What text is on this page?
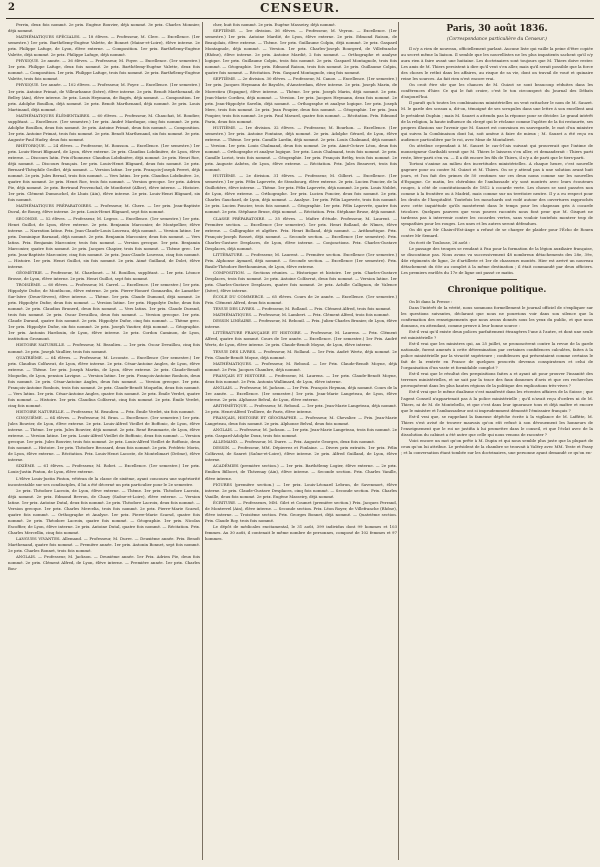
2	CENSEUR.

Perrin, deux fois nommé. 2e prix. Eugène Bouvier, déjà nommé. 3e prix. Charles Monnier, déjà nommé.

MATHÉMATIQUES SPÉCIALES. — 18 élèves. — Professeur, M. Clerc. — Excellence. (1er semestre.) 1er prix. Barthélemy-Eugène Valette, de Bonnet (Maine-et-Loire), élève interne. 2e prix. Philippe Lafuge, de Lyon, élève externe. — Composition. 1er prix. Barthélemy-Eugène Valette, déjà nommé. 2e prix. Philippe Lafuge, déjà nommé.

PHYSIQUE. 2e année. — 36 élèves. — Professeur, M. Foyer. — Excellence. (1er semestre.) 1er prix. Philippe Lafuge, deux fois nommé. 2e prix. Barthélemy-Eugène Valette, deux fois nommé. — Composition. 1er prix. Philippe Lafuge, trois fois nommé. 2e prix. Barthélemy-Eugène Valette, trois fois nommé.

PHYSIQUE. 1re année. — 102 élèves. — Professeur, M. Foyer. — Excellence. (1er semestre.) 1er prix. Antoine Primat, de Villeurbanne (Isère), élève interne. 2e prix. Benoît Marthenand, de Belley (Ain), élève interne. 3e prix. Louis Heymann, de Bagés, déjà nommé. — Composition. 1er prix. Adolphe Bouillon, déjà nommé. 2e prix. Benoît Marthenand, déjà nommé. 3e prix. Louis Martinand, déjà nommé.

MATHÉMATIQUES ÉLÉMENTAIRES. — 60 élèves. — Professeur, M. Chauchat, M. Boudier, suppléant. — Excellence. (1er semestre.) 1er prix. André Marduque, cinq fois nommé. 2e prix. Adolphe Bouillon, deux fois nommé. 3e prix. Antoine Primat, deux fois nommé. — Composition. 1er prix. Antoine Primat, trois fois nommé. 2e prix. Benoît Marthenand, six fois nommé. 3e prix. Auguste-Paul Hudry, deux fois nommé.

RHÉTORIQUE. — 24 élèves. — Professeur, M. Bousson. — Excellence. (1er semestre.) 1er prix. Louis-Henri Blignard, de Lyon, élève externe. 2e prix. Claudius Lobdinière, de Lyon, élève externe. — Discours latin. Prix d'honneur. Claudius Lobdinière, déjà nommé. 2e prix. Henri Roe, déjà nommé. — Discours français. 1er prix. Louis-Henri Blignard, deux fois nommé. 2e prix. Bernard-Théophile Grollet, déjà nommé. — Version latine. 1er prix. François-Joseph Perret, déjà nommé. 2e prix. Jules Bernal, trois fois nommé. — Vers latins. 1er prix. Claudius Lobdinière. 2e, quatre fois nommé. 2e prix. Henri Roe, trois fois nommé. — Version grecque. 1er prix. Adrien Pie, déjà nommé. 2e prix. Bertrand Provenchal, de Montbrisé (Allier), élève interne. — Histoire. 1er prix. Clément Dumouchel, de Lhuis (Ain), élève interne. 2e prix. Louis-Henri Blignard, six fois nommé.

MATHÉMATIQUES PRÉPARATOIRES. — Professeur, M. Chere. — 1er prix. Jean-Baptiste Duval, de Bourg, élève interne. 2e prix. Louis-Henri Blignard, sept fois nommé.

SECONDE. — 52 élèves. — Professeur, M. Legros. — Excellence. (1er semestre.) 1er prix. Henri Guillot, de Lyon, élève externe. 2e prix. Benjamin Marconier, de Montpellier, élève interne. — Narration latine. Prix. Jean-Claude-Louis Louveau, déjà nommé. — Version latine. 1er prix. Dominique Barnaud, déjà nommé. 2e prix. Benjamin Marconier, deux fois nommé. — Vers latins. Prix. Benjamin Marconier, trois fois nommé. — Version grecque. 1er prix. Benjamin Marconier, quatre fois nommé. 2e prix. Jacques Chapier, trois fois nommé. — Thème grec. 1er prix. Jean-Baptiste Marconier, cinq fois nommé. 2e prix. Jean-Claude Louveau, cinq fois nommé. — Histoire. 1er prix. Henri Guillot, six fois nommé. 2e prix. Aimé Guilland, de Dolet, élève interne.

GÉOMÉTRIE. — Professeur, M. Chardonet. — M. Bouillon, suppléant. — 1er prix. Léonce Brosse, de Lyon, élève interne. 2e prix. Henri Guillot, sept fois nommé.

TROISIÈME. — 60 élèves. — Professeur, M. Carrel. — Excellence. (1er semestre.) 1er prix. Hippolyte Dufor, de Montlucon, élève externe. 2e prix. Pierre-Honoré Gonnardin, de Lamothe-Sur-Isère (Deux-Sèvres), élève interne. — Thème. 1er prix. Claude Dumond, déjà nommé. 2e prix. Hippolyte Dufor, deux fois nommé. — Version latine. 1er prix. Hippolyte Dufor, deux fois nommé. 2e prix. Claudius Brunerd, deux fois nommé. — Vers latins. 1er prix. Claude Durand, trois fois nommé. 2e prix. Oscar Devaillou, deux fois nommé. — Version grecque. 1er prix. Claude Durand, quatre fois nommé. 2e prix. Hippolyte Dufor, cinq fois nommé. — Thème grec. 1er prix. Hippolyte Dufor, six fois nommé. 2e prix. Joseph Vautier, déjà nommé. — Géographie. 1er prix. Antonin Hardouin, de Lyon, élève interne. 2e prix. Cordon Caminon, de Lyon, institution Grosmont.

HISTOIRE NATURELLE. — Professeur, M. Beaulieu. — 1er prix. Oscar Devaillou, cinq fois nommé. 2e prix. Joseph Vaullier, trois fois nommé.

QUATRIÈME. — 64 élèves. — Professeur, M. Lecomte. — Excellence (1er semestre.) 1er prix. Claudius Colfavrat, de Lyon, élève interne. 2e prix. César-Antoine Angles, de Lyon, élève externe. — Thème. 1er prix. Joseph Martin, de Lyon, élève externe. 2e prix. Claude-Benoît Moquelin, de Lyon, pension Lavigne. — Version latine. 1er prix. François-Antoine Ronbois, deux fois nommé. 2e prix. César-Antoine Angles, deux fois nommé. — Version grecque. 1er prix. François-Antoine Ronbois, trois fois nommé. 2e prix. Claude-Benoît Moquelin, deux fois nommé. — Vers latins. 1er prix. César-Antoine Angles, quatre fois nommé. 2e prix. Émile Verdet, quatre fois nommé. — Histoire. 1er prix. Claudius Colfavrat, cinq fois nommé. 2e prix. Émile Verdet, cinq fois nommé.

HISTOIRE NATURELLE. — Professeur, M. Beaulieu. — Prix. Émile Verdet, six fois nommé.

CINQUIÈME. — 64 élèves. — Professeur, M. Brun. — Excellence. (1er semestre.) 1er prix. Jules Bouvier, de Lyon, élève externe. 2e prix. Louis-Alfred Vieillet de Boffonic, de Lyon, élève interne. — Thème. 1er prix. Jules Bouvier, déjà nommé. 2e prix. René Brunmarie, de Lyon, élève externe. — Version latine. 1er prix. Louis-Alfred Vieillet de Boffonic, deux fois nommé. — Version grecque. 1er prix. Jules Bouvier, trois fois nommé. 2e prix. Louis-Alfred Vieillet de Boffonic, deux fois nommé. — Histoire. 1er prix. Théodore Brossard, deux fois nommé. 2e prix. Frédéric Morin, de Lyon, élève externe. — Récitation. Prix. Louis-Henri Lacoste, de Montelimart (Drôme), élève interne.

SIXIÈME. — 61 élèves. — Professeur, M. Robet. — Excellence. (1er semestre.) 1er prix. Louis-Justin Pinton, de Lyon, élève externe.

L'élève Louis-Justin Pinton, vétéran de la classe de sixième, ayant concouru une supériorité incontestable sur ses condisciples, il lui a été décerné un prix particulier pour le 2e semestre.

2e prix. Théodore Lacroix, de Lyon, élève externe. — Thème. 1er prix. Théodore Lacroix, déjà nommé. 2e prix. Edmond Bevron, de Chazy (Saône-et-Loire), élève externe. — Version latine. 1er prix. Antoine Dutal, deux fois nommé. 2e prix. Théodore Lacroix, deux fois nommé. — Version grecque. 1er prix. Charles Mercelia, trois fois nommé. 2e prix. Pierre-Marie Scarsd, quatre fois nommé. — Orthographe et Analyse. 1er prix. Pierre-Marie Scarsd, quatre fois nommé. 2e prix. Théodore Lacroix, quatre fois nommé. — Géographie. 1er prix. Nicolas Escoffier, de Lyon, élève interne. 2e prix. Antoine Dutal, quatre fois nommé. — Récitation. Prix. Charles Mercellin, cinq fois nommé.

LANGUES VIVANTES. Allemand. — Professeur, M. Durre. — Deuxième année. Prix. Benoît Marthenand, quatre fois nommé. — Première année. 1er prix. Antonin Bonnet, sept fois nommé. 2e prix. Charles Ronnet, trois fois nommé.

ANGLAIS. — Professeur, M. Jackson. — Deuxième année. 1er Prix. Adrien Pie, deux fois nommé. 2e prix. Clément Alfred, de Lyon, élève interne. — Première année. 1er prix. Charles Bou-

cher, huit fois nommé. 2e prix. Eugène Masseiry, déjà nommé.

SEPTIÈME. — 1re division. 36 élèves. — Professeur, M. Veyron. — Excellence. (1er semestre.) 1er prix. Antoine Mardié, de Lyon, élève externe. 2e prix. Edmond Raison, de Beaujolais, élève externe. — Thème. 1er prix. Guillaume Colpin, déjà nommé. 2e prix. Gaspard Montagnole, déjà nommé. — Version. 1er prix. Charles-Joseph Bourgerd, de Villefranche (Rhône), élève interne. 2e prix. Antoine Mardié, 2 fois nommé. — Orthographe et analyse logique. 1er prix. Guillaume Colpin, trois fois nommé. 2e prix. Gaspard Montagnole, trois fois nommé. — Géographie. 1er prix. Edmond Raison, trois fois nommé. 2e prix. Guillaume Colpin, quatre fois nommé. — Récitation. Prix. Gaspard Montagnole, cinq fois nommé.

SEPTIÈME. — 2e division. 30 élèves. — Professeur, M. Canoe. — Excellence. (1er semestre.) 1er prix. Jacques Heymann de Bayolès, d'Amsterdam, élève interne. 2e prix. Joseph Marin, de Morestieu (Espagne), élève interne. — Thème. 1er prix. Joseph Marin, déjà nommé. 2e prix. Jean-Marie Cordieu, déjà nommé. — Version. 1er prix. Jacques Heymann, deux fois nommé. 2e prix. Jean-Hippolyte Savelin, déjà nommé. — Orthographe et analyse logique. 1er prix. Joseph Merc, trois fois nommé. 2e prix. Jean Poupier, deux fois nommé. — Géographie. 1er prix. Jean Poupier, trois fois nommé. 2e prix. Paul Mavard, quatre fois nommé. — Récitation. Prix. Edmond Parin, deux fois nommé.

HUITIÈME. — 1re division. 32 élèves. — Professeur, M. Bourhon. — Excellence. (1er semestre.) 1er prix. Antoine Fontaine, déjà nommé. 2e prix. Adolphe Gérard, de Lyon, élève externe. — Thème. 1er prix. Camille Lardin, déjà nommé. 2e prix. Louis Chalmand, déjà nommé. — Version. 1er prix. Louis Chalmand, deux fois nommé. 2e prix. Aimé-Octave Léon, deux fois nommé. — Orthographe et analyse logique. 1er prix. Louis Chalmand, trois fois nommé. 2e prix. Camille Loriot, trois fois nommé. — Géographie. 1er prix. François Bréby, trois fois nommé. 2e prix. Auguste Asbéra, de Lyon, élève externe. — Récitation. Prix. Jules Beauvert, trois fois nommé.

HUITIÈME. — 2e division. 31 élèves. — Professeur, M. Gilbert. — Excellence. (1er semestre.) 1er prix. Félix Lapevrée, de Strasbourg, élève externe. 2e prix. Lucien Poncier, de la Guillotière, élève interne. — Thème. 1er prix. Félix Lapevrée, déjà nommé. 2e prix. Louis Noblet, de Lyon, élève externe. — Orthographe. 1er prix. Lucien Poncier, deux fois nommé. 2e prix. Charles Gauchard, de Lyon, déjà nommé. — Analyse. 1er prix. Félix Lapevrée, trois fois nommé. 2e prix. Lucien Poncier, trois fois nommé. — Géographie. 1er prix. Félix Lapevrée, quatre fois nommé. 2e prix. Stéphane Bruse, déjà nommé. — Récitation. Prix. Stéphane Bruse, déjà nommé.

CLASSE PRÉPARATOIRE. — 35 élèves. — Maître d'étude. Professeur, M. Laurent. — Première section. — Excellence (1er semestre). 1er prix. Henri Bolland, de Nîmes, élève externe. — Calligraphie et algèbre. Prix. Henri Bolland, déjà nommé. — Arithmétique. Prix. François-Joseph Rosset, déjà nommé. — Seconde section. — Excellence (1er semestre). Prix. Charles-Gustave Desplaces, de Lyon, élève interne. — Conjonctions. Prix. Charles-Gustave Desplaces, déjà nommé.

LITTÉRATURE. — Professeur, M. Laurent. — Première section. Excellence (1er semestre.) Prix. Alphonse Aymard, déjà nommé. — Seconde section. — Excellence (1er semestre). Prix. Basile-Théodore Berthoumieux, de Lyon, élève externe.

COMPOSITION. — Sections réunies. — Historique et histoire. 1er prix. Charles-Gustave Desplaces, trois fois nommé. 2e prix. Antoine Colfavrat, deux fois nommé. — Version latine. 1er prix. Charles-Gustave Desplaces, quatre fois nommé. 2e prix. Achille Callignon, de Valence (Isère), élève interne.

ÉCOLE DU COMMERCE. — 65 élèves. Cours de 2e année. — Excellence. (1er semestre.) Prix. Clément Alfred, deux fois nommé.

TENUE DES LIVRES. — Professeur, M. Rolland. — Prix. Clément Alfred, trois fois nommé.

MATHÉMATIQUES. — Professeur, M. Lambert. — Prix. Clément Alfred, trois fois nommé.

DESSIN LINÉAIRE. — Professeur, M. Rebouil. — Prix. Julien-Charles Brunier, de Lyon, élève interne.

LITTÉRATURE FRANÇAISE ET HISTOIRE. — Professeur, M. Laurens. — Prix. Clément Alfred, quatre fois nommé. Cours de 1re année. — Excellence. (1er semestre.) 1er Prix. André Wertz, de Lyon, élève interne. 2e prix. Claude-Benoît Moyne, de Lyon, élève interne.

TENUE DES LIVRES. — Professeur, M. Rolland. — 1er Prix. André Wertz, déjà nommé. 2e Prix. Claude-Benoît Moyne, déjà nommé.

MATHÉMATIQUES. — Professeur, M. Rebouil. — 1er Prix. Claude-Benoît Moyne, déjà nommé. 2e Prix. Jacques Chambre, déjà nommé.

FRANÇAIS ET HISTOIRE. — Professeur, M. Laurens. — 1er prix. Claude-Benoît Moyne, deux fois nommé. 2e Prix. Antonin Wallimard, de Lyon, élève interne.

ANGLAIS. — Professeur, M. Jackson. — 1er Prix. François Heyman, déjà nommé. Cours de la 1re année. — Excellence. (1er semestre.) 1er prix. Jean-Marie Langeteau, de Lyon, élève externe. 2e prix. Alphonse Belval, de Lyon, élève externe.

ARITHMÉTIQUE. — Professeur, M. Rebouil. — 1er prix. Jean-Marie Langeteau, déjà nommé. 2e prix. Henri-Alfred Trolliere, de Paris, élève interne.

FRANÇAIS, HISTOIRE ET GÉOGRAPHIE. — Professeur, M. Chevalier. — Prix. Jean-Marie Langeteau, deux fois nommé. 2e prix. Alphonse Belval, deux fois nommé.

ANGLAIS. — Professeur, M. Jackson. — 1er prix. Jean-Marie Langeteau, trois fois nommé. 2e prix. Gaspard-Adolphe Doux, trois fois nommé.

ALLEMAND. — Professeur, M. Durre. — Prix. Auguste Georges, deux fois nommé.

DESSIN. — Professeur, MM. Dépierrez et Fonlaine. — Divers prix extraits. 1er prix. Félix Colfavrat, de Sanret (Saône-et-Loire), élève interne. 2e prix. Alfred Guilland, de Lyon, élève interne.

ACADÉMIES (première section.) — 1er prix. Barthélemy Logier, élève externe. — 2e prix. Emilien Billocet, de Thézenay (Ain), élève interne. — Seconde section. Prix. Charles Vanille, élève interne.

FIGURES (première section.) — 1er prix. Louis-Léonard Lebrun, de Savenmort, élève interne. 2e prix. Claude-Gustave Desplaces, cinq fois nommé. — Seconde section. Prix. Charles Vanille, deux fois nommé. 2e prix. Eugène Masseiry, déjà nommé.

ÉCRITURE. — Professeurs, MM. Gilet et Coumet (première section.) Prix. Jacques Perrand, de Montrevel (Ain), élève interne. — Seconde section. Prix. Léon Royer, de Villefranche (Rhône), élève interne. — Troisième section. Prix. Georges Bonnet, déjà nommé. — Quatrième section. Prix. Claude Roy, trois fois nommé.

Le dépôt de médicales excitamental, le 31 août, 399 individus dont 99 hommes et 103 femmes. Au 30 août, il contenait le même nombre de personnes, composé de 102 femmes et 97 hommes.

Paris, 30 août 1836.
(Correspondance particulière du Censeur.)

Il n'y a rien de nouveau, officiellement parlant. Aucune liste qui vaille la peine d'être copiée au secret même la liaison. Il semble que les nouvellistes ne les plus impatients sachent qu'il n'y aura rien à faire avant une huitaine. Les doctrinaires sont toujours que M. Thiers doive rester. Les amis de M. Thiers persistent à dire qu'il veut s'en aller, mais qu'il serait possible que la force des choses le retînt dans les affaires, au risque de sa vie, dont on travail de voué et quinaire reine les sources. Au fait rien n'est encore vrai.

On croit être sûr que les chances de M. Guizot se sont beaucoup réduites dans les conférences d'hier. Ce qui le fait croire, c'est le ton circonspect du Journal des Débats d'aujourd'hui.

Il paraît qu'à toutes les combinaisons ministérielles on veut rattacher le nom de M. Sauzet. M. le garde des sceaux a, dit-on, témoigné de ses scrupules dans une lettre à son excellent ami le président Duphin ; mais M. Sauzet a attendu pas la réponse pour se décider. Le grand intérêt de la religion, la haute influence du clergé qui le réclame comme l'apôtre de la foi restaurée, ses propres illusions sur l'avenir que M. Sauzet est convaincu en sauvegarde, le mot d'un ministre qui suivra la Combinaison dont lui, soit amène à faire de mieux ; M. Sauzet a été reçu en audience particulière par le roi, avec Mme de Montalivet.

On attribue cependant à M. Sauzet le cas-ô-l'ais suivant qui prouverait que l'intime de monseigneur Garibaldi serait que M. Thiers le laissera s'en aller, et demanderait : Thiers parti reste, lière-parti s'en va. — Il a dit encore les fils de Thiers, il n'y a de parti que le tiers-parti.

Tortoni s'anime au milieu des incertitudes ministérielles. A chaque heure, c'est nouvelle gageure pour ou contre M. Guizot et M. Thiers. On se y attend pas à une solution avant huit jours, et l'on fait des primes de 50 centimes sur ces deux noms comme sur les nouvelles d'Espagne. Ce matin, les chérubins de l'ambassade n'y sont montrés avec leurs écouteurs rouges, à côté de constitutionnels de 1812 à cocarde verte. Les choses se sont passées non comme à la frontière ou à Madrid, mais comme sur un territoire neutre. Il y a eu respect pour les droits de l'hospitalité. Toutefois les mouchards ont rodé autour des ouvertures rapprochés avec cette inquiétude qu'ils montrèrent dans le temps pour les chapeaux gris à cocarde tricolore. Quelques pauvres que vous pouvez racontés nous font peur que M. Gisquet ne tarderas pas à intervenir contre les cocardes vertes, sans vouloir toutefois montrer trop de sympathies pour les rouges. Les unes et les autres seront défendues.

On dit que Mr Chaix-d'Est-Ange a refusé de se charger de plaider pour l'Écho de Rouen contre Mr Semard.

On écrit de Toulouse, 26 août :

Le passage des troupes se rendant à Pau pour la formation de la légion auxiliaire française, se discontinue pas. Nous avons vu successivement 48 nombreux détachements des 28e, 39e, 46e régiments de ligne, 2e d'artillerie et 1er de chasseurs montés. Hier est arrivé un nouveau détachement du 60e au complet à la même destination ; il était commandé par deux officiers. Les premiers enrôlés du 17e de ligne ont passé ce matin.

Chronique politique.

On lit dans la Presse :

Dans l'intérêt de la vérité, nous sommons formellement le journal officiel de s'expliquer sur les questions suivantes, déclarant que nous ne pourrions voir dans son silence que la confirmation des renseignements que nous avons donnés sous les yeux du public, et que nous donnons, en attendant, comme preuve à leur bonne source :

Est-il vrai qu'il existe deux polices parfaitement étrangères l'une à l'autre, et dont une seule est ministérielle ?

Est-il vrai que les ministres qui, au 25 juillet, se prononcèrent contre la revue de la garde nationale, furent amenés à cette détermination par certaines confidences calculées, faites à la police ministérielle par la vivacité supérieure ; confidences qui présentaient comme certains le fait de la rentrée en France de quelques proscrits devenus conspirateurs et celui de l'organisation d'un vaste et formidable complot ?

Est-il vrai que le résultat des perquisitions faites a et ayant ait pour prouver l'insanité des terreurs ministérielles, et ne sait par la trace des faux donneurs d'avis et que ces recherches provoquèrent dans les plus hautes régions de la politique des explications très-vives ?

Est-il vrai que le même dualisme s'est manifesté dans les récentes affaires de la Suisse ; que l'agent Conseil n'appartenait pas à la police ministérielle ; qu'il n'avait reçu d'ordres ni de M. Thiers, ni de M. de Montebello, et que c'est dans leur ignorance tous et déjà maître et encore que le ministre et l'ambassadeur ont si imprudemment démonté l'émissaire français ?

Est-il vrai que, se rappelant la fameuse dépêche écrite à la vigilance de M. Laffitte, M. Thiers s'est avisé de trouver mauvais qu'on eût refusé à son dévouement les honneurs de l'enseignement que le roi ne justifia à lui promettre dans le conseil, et que l'éclat avec de la dissolution du cabinet a été autre que celle qui nous venons de raconter ?

Voici encore un mot qu'on prête à M. Dupin et qui nous semble plus juste que la plupart de ceux qu'on lui attribue. Le président de la chambre se trouvait à Valéry avec MM. Teste et Passy ; et la conversation étant tombée sur les doctrinaires, une personne ayant demandé ce qu'on en-
